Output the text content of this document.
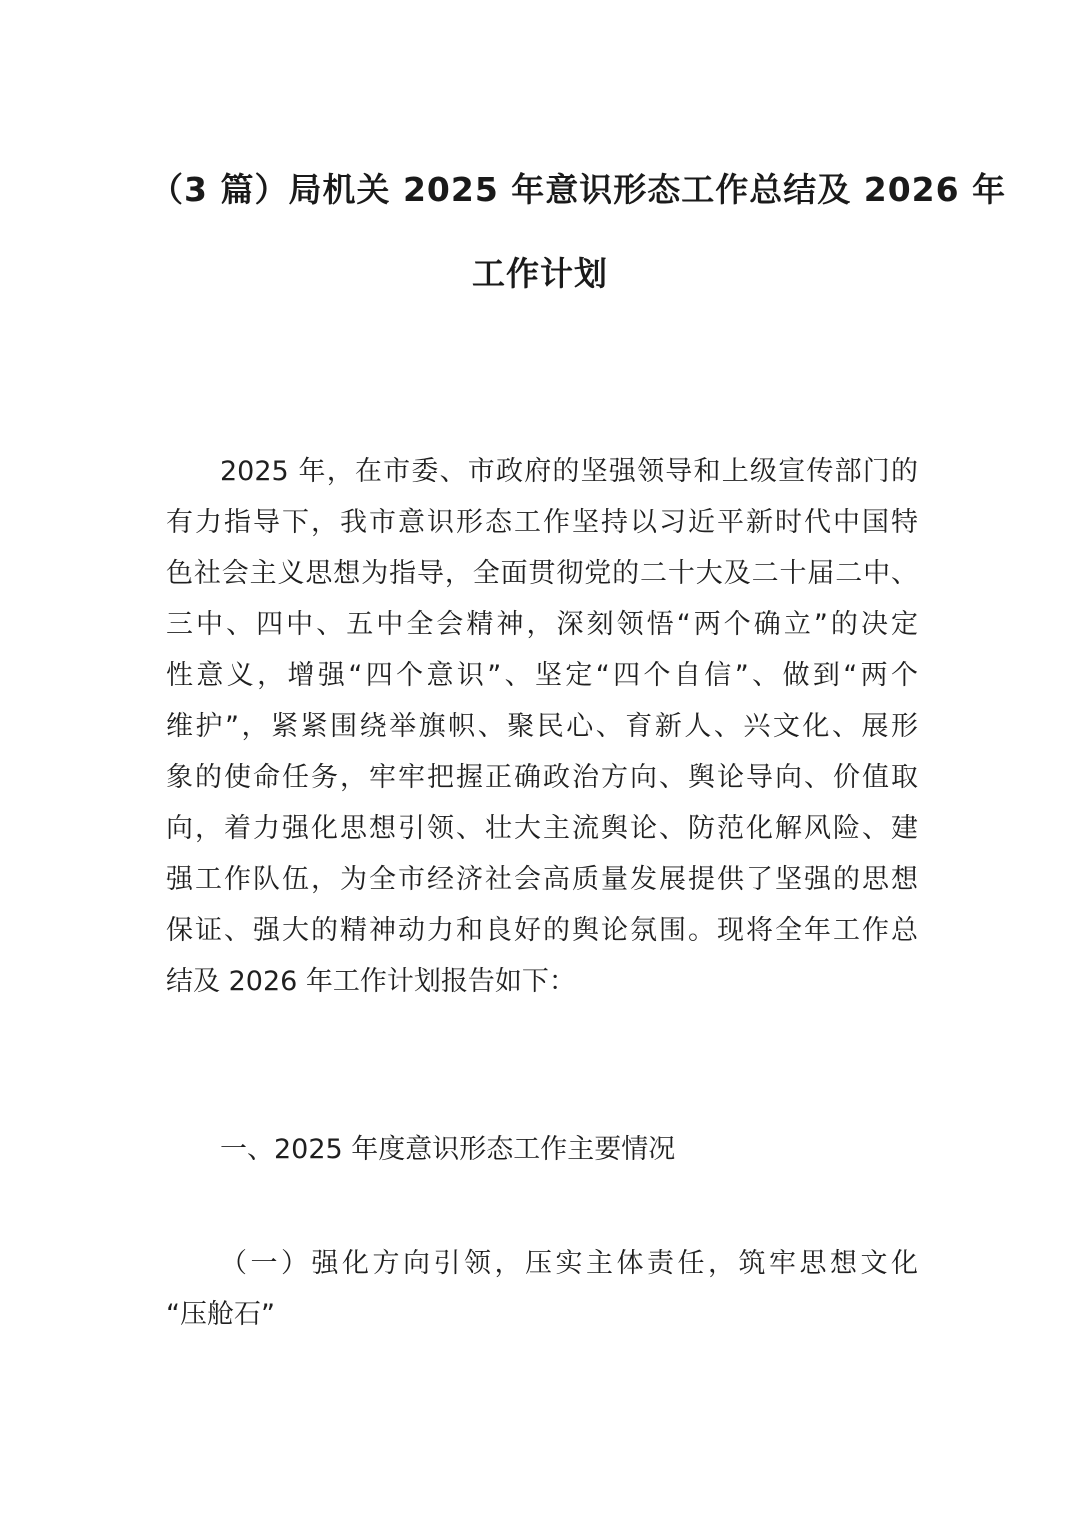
（3 篇）局机关 2025 年意识形态工作总结及 2026 年
工作计划
2025 年，在市委、市政府的坚强领导和上级宣传部门的
有力指导下，我市意识形态工作坚持以习近平新时代中国特
色社会主义思想为指导，全面贯彻党的二十大及二十届二中、
三中、四中、五中全会精神，深刻领悟“两个确立”的决定
性意义，增强“四个意识”、坚定“四个自信”、做到“两个
维护”，紧紧围绕举旗帜、聚民心、育新人、兴文化、展形
象的使命任务，牢牢把握正确政治方向、舆论导向、价值取
向，着力强化思想引领、壮大主流舆论、防范化解风险、建
强工作队伍，为全市经济社会高质量发展提供了坚强的思想
保证、强大的精神动力和良好的舆论氛围。现将全年工作总
结及 2026 年工作计划报告如下：
一、2025 年度意识形态工作主要情况
（一）强化方向引领，压实主体责任，筑牢思想文化
“压舱石”
